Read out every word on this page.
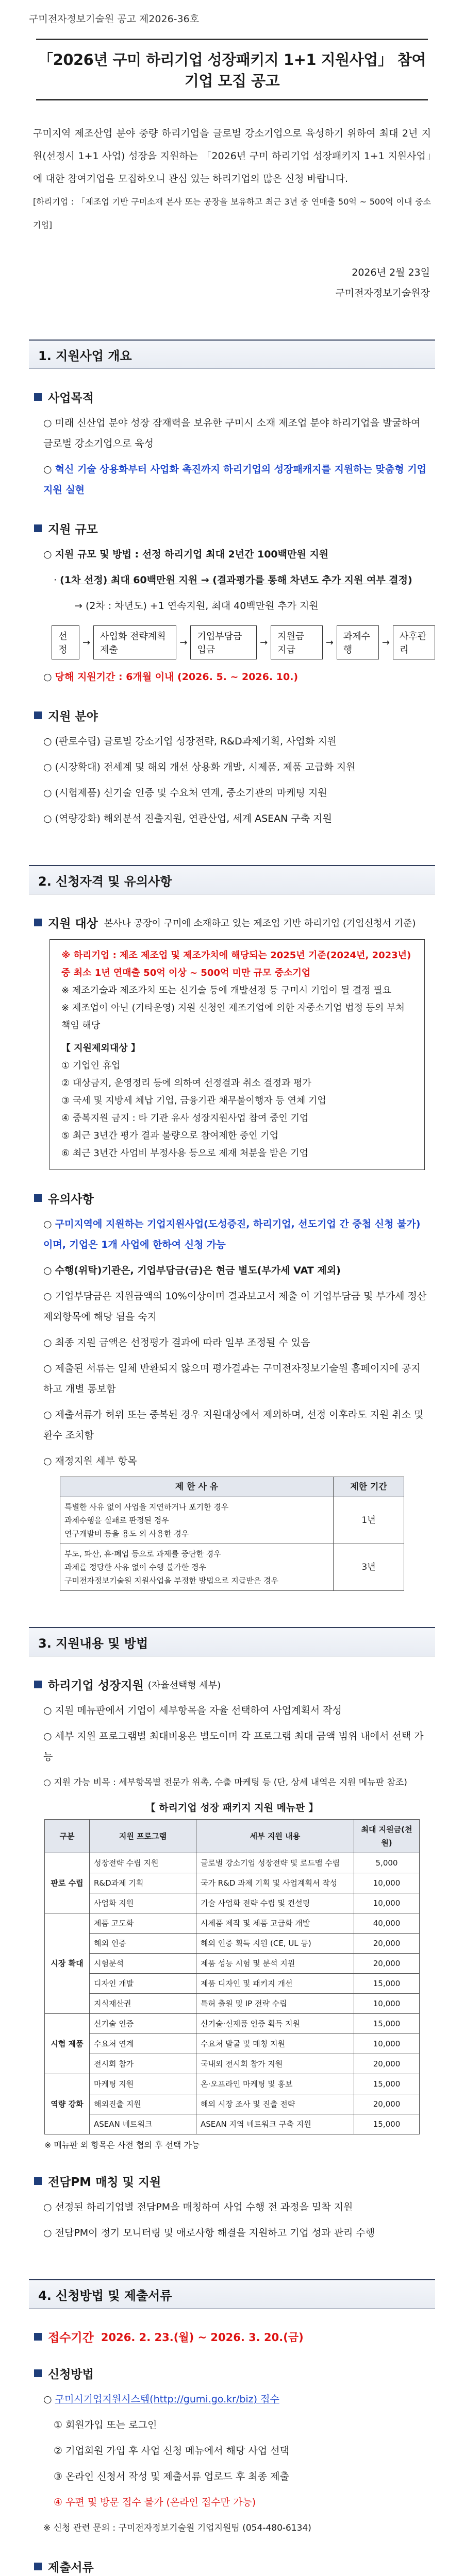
구미전자정보기술원 공고 제2026-36호
「2026년 구미 하리기업 성장패키지 1+1 지원사업」 참여기업 모집 공고
구미지역 제조산업 분야 중량 하리기업을 글로벌 강소기업으로 육성하기 위하여 최대 2년 지원(선정시 1+1 사업) 성장을 지원하는 「2026년 구미 하리기업 성장패키지 1+1 지원사업」에 대한 참여기업을 모집하오니 관심 있는 하리기업의 많은 신청 바랍니다.
[하리기업 : 「제조업 기반 구미소재 본사 또는 공장을 보유하고 최근 3년 중 연매출 50억 ~ 500억 이내 중소기업]
2026년 2월 23일
구미전자정보기술원장
1. 지원사업 개요
사업목적

○ 미래 신산업 분야 성장 잠재력을 보유한 구미시 소재 제조업 분야 하리기업을 발굴하여 글로벌 강소기업으로 육성

○ 혁신 기술 상용화부터 사업화 촉진까지 하리기업의 성장패캐지를 지원하는 맞춤형 기업지원 실현

지원 규모

○ 지원 규모 및 방법 : 선정 하리기업 최대 2년간 100백만원 지원

· (1차 선정) 최대 60백만원 지원 → (결과평가를 통해 차년도 추가 지원 여부 결정)

→ (2차 : 차년도) +1 연속지원, 최대 40백만원 추가 지원

선정
→
사업화 전략계획 제출
→
기업부담금 입금
→
지원금 지급
→
과제수행
→
사후관리

○ 당해 지원기간 : 6개월 이내 (2026. 5. ~ 2026. 10.)

지원 분야

○ (판로수립) 글로벌 강소기업 성장전략, R&D과제기획, 사업화 지원

○ (시장확대) 전세계 및 해외 개선 상용화 개발, 시제품, 제품 고급화 지원

○ (시험제품) 신기술 인증 및 수요처 연계, 중소기관의 마케팅 지원

○ (역량강화) 해외분석 진출지원, 연관산업, 세계 ASEAN 구축 지원

2. 신청자격 및 유의사항
지원 대상 본사나 공장이 구미에 소재하고 있는 제조업 기반 하리기업 (기업신청서 기준)
※ 하리기업 : 제조 제조업 및 제조가치에 해당되는 2025년 기준(2024년, 2023년) 중 최소 1년 연매출 50억 이상 ~ 500억 미만 규모 중소기업
※ 제조기술과 제조가치 또는 신기술 등에 개발선정 등 구미시 기업이 될 결정 필요
※ 제조업이 아닌 (기타운영) 지원 신청인 제조기업에 의한 자중소기업 법정 등의 부처 책임 해당
【 지원제외대상 】
① 기업인 휴업
② 대상금지, 운영정리 등에 의하여 선정결과 취소 결정과 평가
③ 국세 및 지방세 체납 기업, 금융기관 채무불이행자 등 연체 기업
④ 중복지원 금지 : 타 기관 유사 성장지원사업 참여 중인 기업
⑤ 최근 3년간 평가 결과 불량으로 참여제한 중인 기업
⑥ 최근 3년간 사업비 부정사용 등으로 제재 처분을 받은 기업
유의사항

○ 구미지역에 지원하는 기업지원사업(도성증진, 하리기업, 선도기업 간 중첩 신청 불가)이며, 기업은 1개 사업에 한하여 신청 가능

○ 수행(위탁)기관은, 기업부담금(금)은 현금 별도(부가세 VAT 제외)

○ 기업부담금은 지원금액의 10%이상이며 결과보고서 제출 이 기업부담금 및 부가세 정산제외항목에 해당 됨을 숙지

○ 최종 지원 금액은 선정평가 결과에 따라 일부 조정될 수 있음

○ 제출된 서류는 일체 반환되지 않으며 평가결과는 구미전자정보기술원 홈페이지에 공지하고 개별 통보함

○ 제출서류가 허위 또는 중복된 경우 지원대상에서 제외하며, 선정 이후라도 지원 취소 및 환수 조치함

○ 재정지원 세부 항목

제 한 사 유	제한 기간
특별한 사유 없이 사업을 지연하거나 포기한 경우
과제수행을 실패로 판정된 경우
연구개발비 등을 용도 외 사용한 경우	1년
부도, 파산, 휴·폐업 등으로 과제를 중단한 경우
과제를 정당한 사유 없이 수행 불가한 경우
구미전자정보기술원 지원사업을 부정한 방법으로 지급받은 경우	3년
3. 지원내용 및 방법
하리기업 성장지원 (자율선택형 세부)

○ 지원 메뉴판에서 기업이 세부항목을 자율 선택하여 사업계획서 작성

○ 세부 지원 프로그램별 최대비용은 별도이며 각 프로그램 최대 금액 범위 내에서 선택 가능

○ 지원 가능 비목 : 세부항목별 전문가 위촉, 수출 마케팅 등 (단, 상세 내역은 지원 메뉴판 참조)

【 하리기업 성장 패키지 지원 메뉴판 】
구분	지원 프로그램	세부 지원 내용	최대 지원금(천원)
판로 수립	성장전략 수립 지원	글로벌 강소기업 성장전략 및 로드맵 수립	5,000
	R&D과제 기획	국가 R&D 과제 기획 및 사업계획서 작성	10,000
	사업화 지원	기술 사업화 전략 수립 및 컨설팅	10,000
시장 확대	제품 고도화	시제품 제작 및 제품 고급화 개발	40,000
	해외 인증	해외 인증 획득 지원 (CE, UL 등)	20,000
	시험분석	제품 성능 시험 및 분석 지원	20,000
	디자인 개발	제품 디자인 및 패키지 개선	15,000
	지식재산권	특허 출원 및 IP 전략 수립	10,000
시험 제품	신기술 인증	신기술·신제품 인증 획득 지원	15,000
	수요처 연계	수요처 발굴 및 매칭 지원	10,000
	전시회 참가	국내외 전시회 참가 지원	20,000
역량 강화	마케팅 지원	온·오프라인 마케팅 및 홍보	15,000
	해외진출 지원	해외 시장 조사 및 진출 전략	20,000
	ASEAN 네트워크	ASEAN 지역 네트워크 구축 지원	15,000
※ 메뉴판 외 항목은 사전 협의 후 선택 가능
전담PM 매칭 및 지원

○ 선정된 하리기업별 전담PM을 매칭하여 사업 수행 전 과정을 밀착 지원

○ 전담PM이 정기 모니터링 및 애로사항 해결을 지원하고 기업 성과 관리 수행

4. 신청방법 및 제출서류
접수기간 2026. 2. 23.(월) ~ 2026. 3. 20.(금)
신청방법

○ 구미시기업지원시스템(http://gumi.go.kr/biz) 접수

① 회원가입 또는 로그인

② 기업회원 가입 후 사업 신청 메뉴에서 해당 사업 선택

③ 온라인 신청서 작성 및 제출서류 업로드 후 최종 제출

④ 우편 및 방문 접수 불가 (온라인 접수만 가능)

※ 신청 관련 문의 : 구미전자정보기술원 기업지원팀 (054-480-6134)

제출서류
